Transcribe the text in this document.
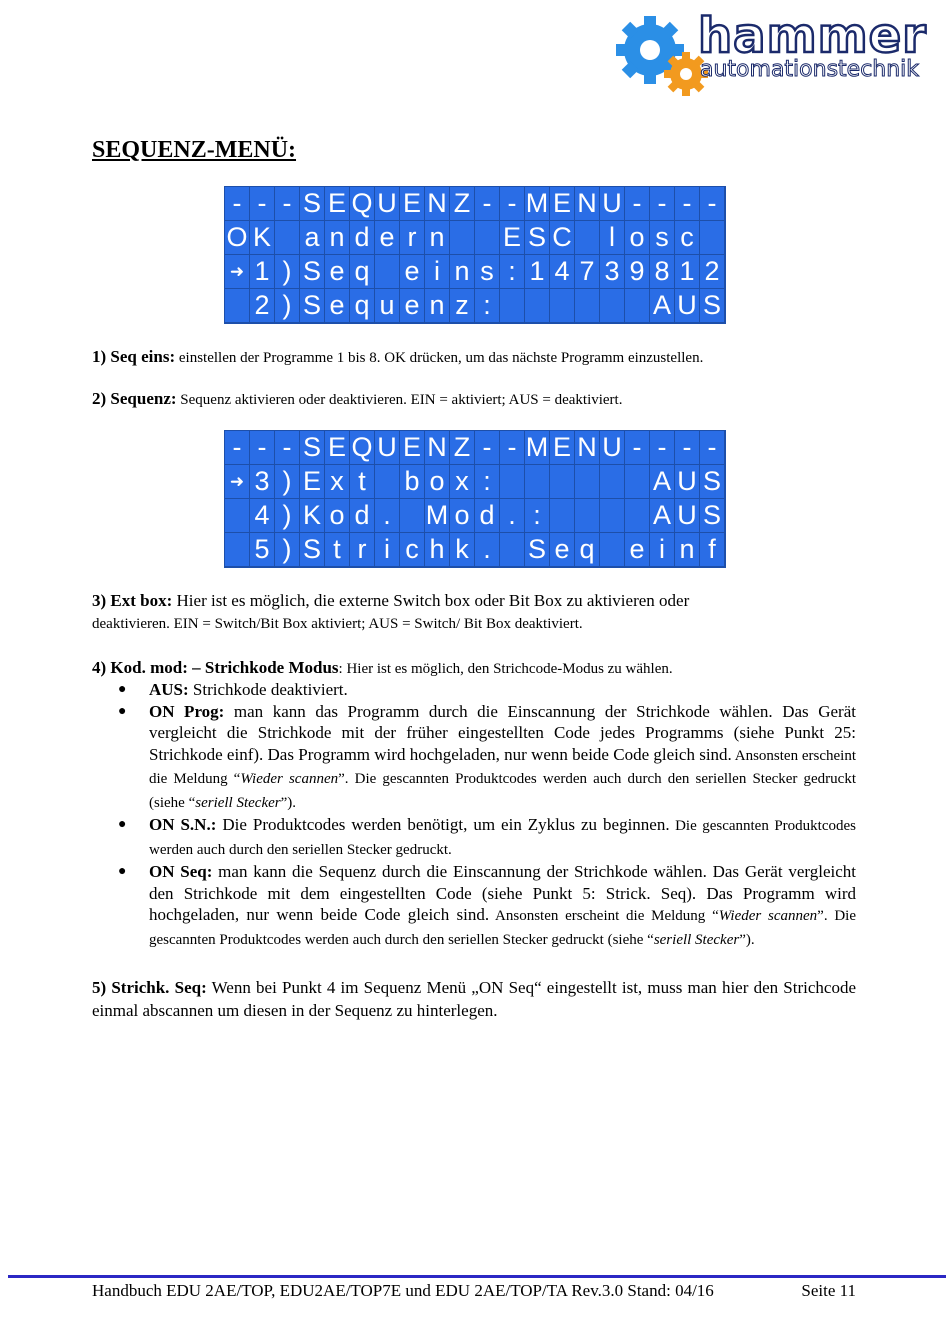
hammer
automationstechnik
SEQUENZ-MENÜ:
- - - S E Q U E N Z - - M E N U - - - -
O K a n d e r n E S C	l o s c
➜ 1 ) S e q e i n s : 1 4 7 3 9 8 1 2
2 ) S e q u e n z :	A U S

1) Seq eins: einstellen der Programme 1 bis 8. OK drücken, um das nächste Programm einzustellen.

2) Sequenz: Sequenz aktivieren oder deaktivieren. EIN = aktiviert; AUS = deaktiviert.

- - - S E Q U E N Z - - M E N U - - - -
➜ 3 ) E x t	b o x :	A U S
4 ) K o d .	M o d . :	A U S
5 ) S t r i c h k .	S e q e i n f

3) Ext box: Hier ist es möglich, die externe Switch box oder Bit Box zu aktivieren oder
deaktivieren. EIN = Switch/Bit Box aktiviert; AUS = Switch/ Bit Box deaktiviert.

4) Kod. mod: – Strichkode Modus: Hier ist es möglich, den Strichcode-Modus zu wählen.

● AUS: Strichkode deaktiviert.
● ON Prog: man kann das Programm durch die Einscannung der Strichkode wählen. Das Gerät vergleicht die Strichkode mit der früher eingestellten Code jedes Programms (siehe Punkt 25: Strichkode einf). Das Programm wird hochgeladen, nur wenn beide Code gleich sind. Ansonsten erscheint die Meldung “Wieder scannen”. Die gescannten Produktcodes werden auch durch den seriellen Stecker gedruckt (siehe “seriell Stecker”).
● ON S.N.: Die Produktcodes werden benötigt, um ein Zyklus zu beginnen. Die gescannten Produktcodes werden auch durch den seriellen Stecker gedruckt.
● ON Seq: man kann die Sequenz durch die Einscannung der Strichkode wählen. Das Gerät vergleicht den Strichkode mit dem eingestellten Code (siehe Punkt 5: Strick. Seq). Das Programm wird hochgeladen, nur wenn beide Code gleich sind. Ansonsten erscheint die Meldung “Wieder scannen”. Die gescannten Produktcodes werden auch durch den seriellen Stecker gedruckt (siehe “seriell Stecker”).

5) Strichk. Seq: Wenn bei Punkt 4 im Sequenz Menü „ON Seq“ eingestellt ist, muss man hier den Strichcode einmal abscannen um diesen in der Sequenz zu hinterlegen.

Handbuch EDU 2AE/TOP, EDU2AE/TOP7E und EDU 2AE/TOP/TA Rev.3.0 Stand: 04/16	Seite 11
